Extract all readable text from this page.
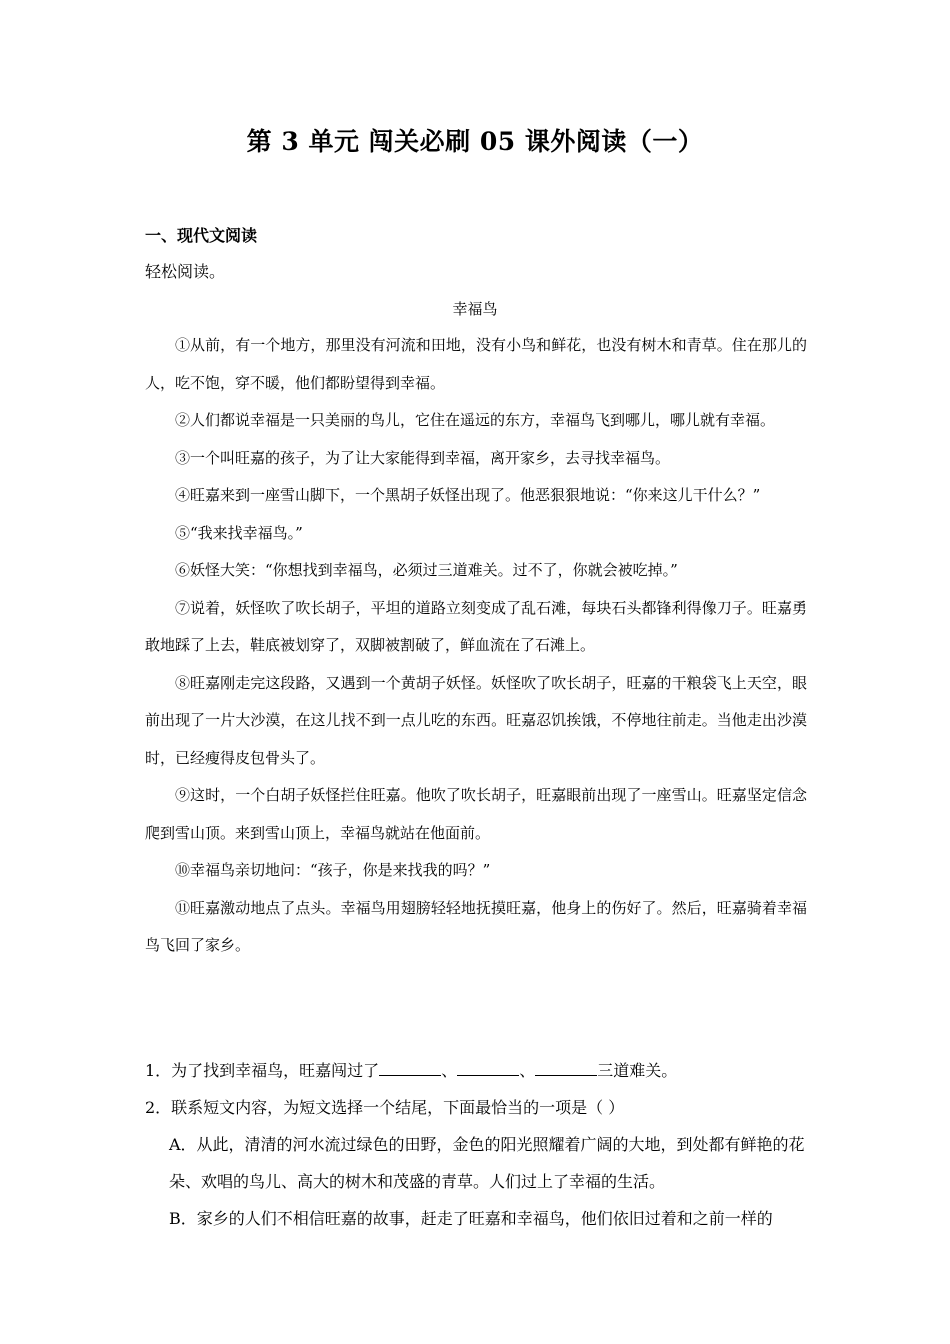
第 3 单元 闯关必刷 05 课外阅读（一）
一、现代文阅读
轻松阅读。
幸福鸟

①从前，有一个地方，那里没有河流和田地，没有小鸟和鲜花，也没有树木和青草。住在那儿的人，吃不饱，穿不暖，他们都盼望得到幸福。

②人们都说幸福是一只美丽的鸟儿，它住在遥远的东方，幸福鸟飞到哪儿，哪儿就有幸福。

③一个叫旺嘉的孩子，为了让大家能得到幸福，离开家乡，去寻找幸福鸟。

④旺嘉来到一座雪山脚下，一个黑胡子妖怪出现了。他恶狠狠地说：“你来这儿干什么？”

⑤“我来找幸福鸟。”

⑥妖怪大笑：“你想找到幸福鸟，必须过三道难关。过不了，你就会被吃掉。”

⑦说着，妖怪吹了吹长胡子，平坦的道路立刻变成了乱石滩，每块石头都锋利得像刀子。旺嘉勇敢地踩了上去，鞋底被划穿了，双脚被割破了，鲜血流在了石滩上。

⑧旺嘉刚走完这段路，又遇到一个黄胡子妖怪。妖怪吹了吹长胡子，旺嘉的干粮袋飞上天空，眼前出现了一片大沙漠，在这儿找不到一点儿吃的东西。旺嘉忍饥挨饿，不停地往前走。当他走出沙漠时，已经瘦得皮包骨头了。

⑨这时，一个白胡子妖怪拦住旺嘉。他吹了吹长胡子，旺嘉眼前出现了一座雪山。旺嘉坚定信念爬到雪山顶。来到雪山顶上，幸福鸟就站在他面前。

⑩幸福鸟亲切地问：“孩子，你是来找我的吗？”

⑪旺嘉激动地点了点头。幸福鸟用翅膀轻轻地抚摸旺嘉，他身上的伤好了。然后，旺嘉骑着幸福鸟飞回了家乡。

1．为了找到幸福鸟，旺嘉闯过了	、	、	三道难关。

2．联系短文内容，为短文选择一个结尾，下面最恰当的一项是（ ）

A．从此，清清的河水流过绿色的田野，金色的阳光照耀着广阔的大地，到处都有鲜艳的花朵、欢唱的鸟儿、高大的树木和茂盛的青草。人们过上了幸福的生活。

B．家乡的人们不相信旺嘉的故事，赶走了旺嘉和幸福鸟，他们依旧过着和之前一样的
